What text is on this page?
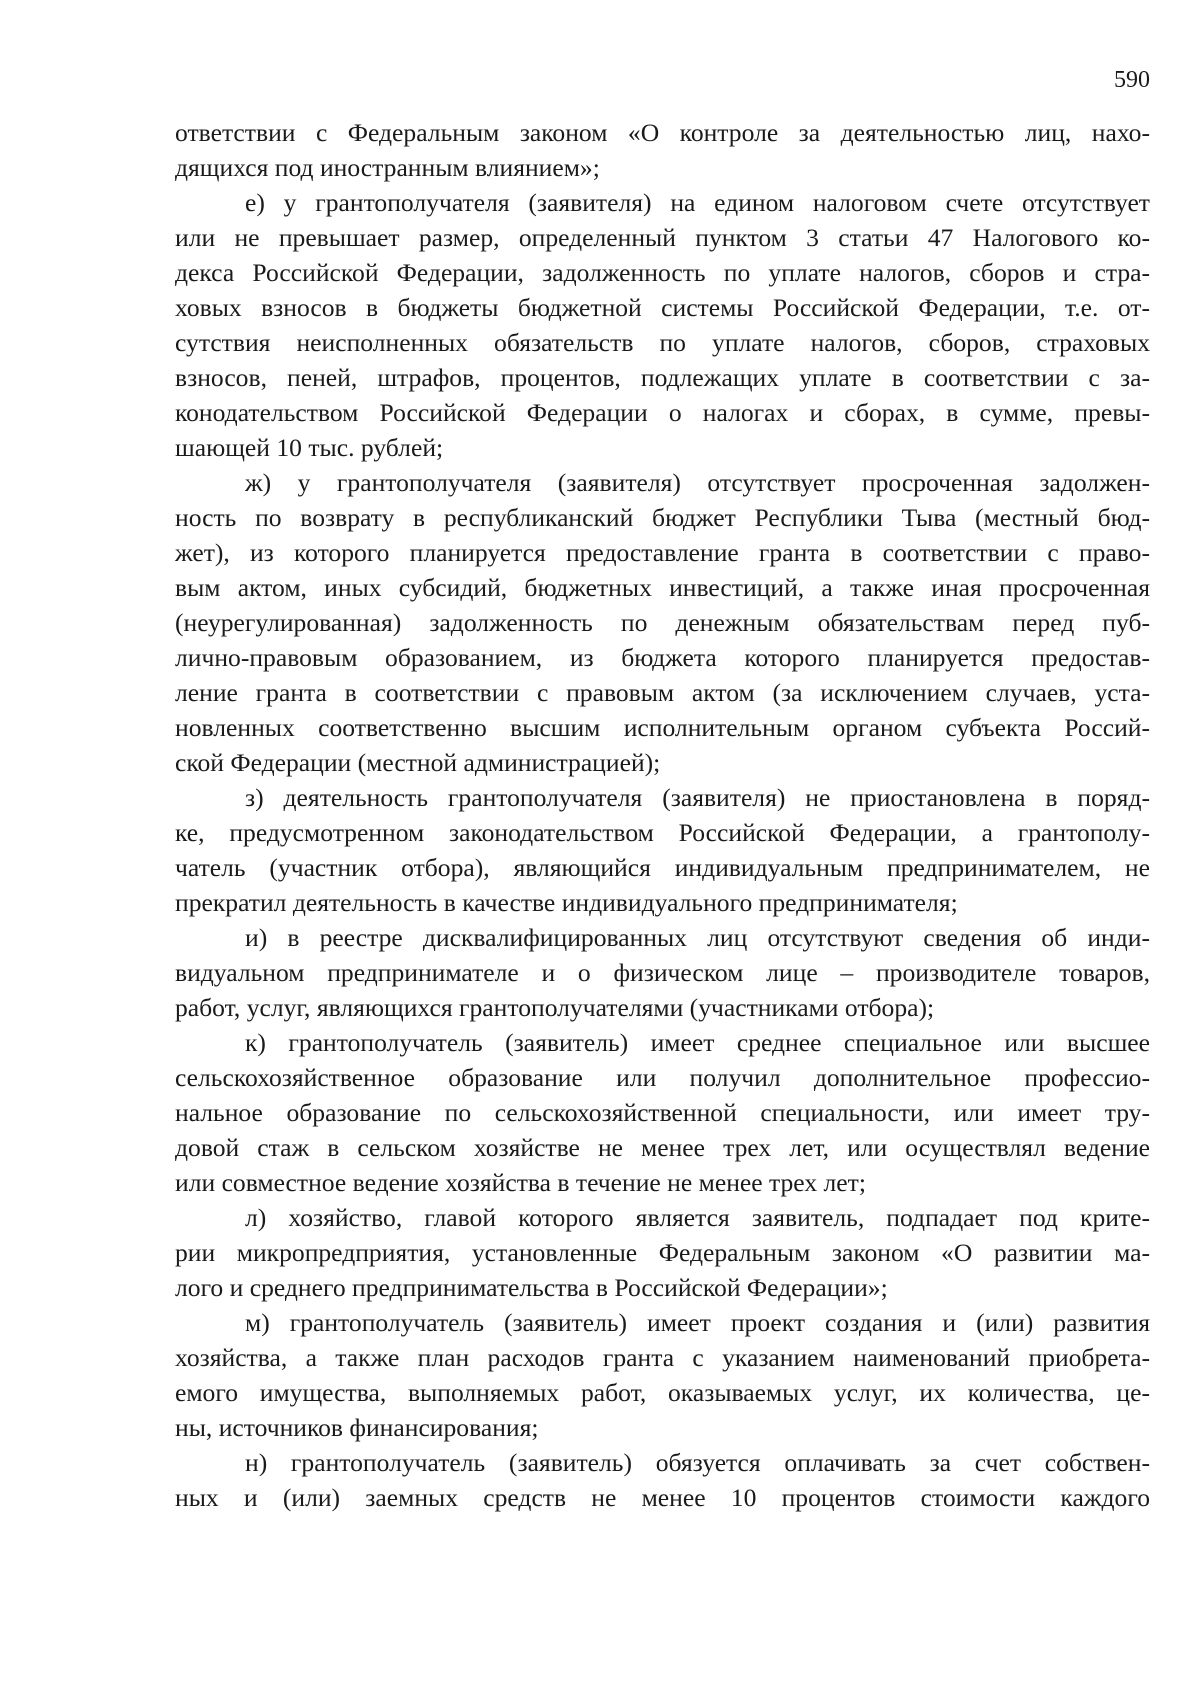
590
ответствии с Федеральным законом «О контроле за деятельностью лиц, нахо-
дящихся под иностранным влиянием»;
е) у грантополучателя (заявителя) на едином налоговом счете отсутствует
или не превышает размер, определенный пунктом 3 статьи 47 Налогового ко-
декса Российской Федерации, задолженность по уплате налогов, сборов и стра-
ховых взносов в бюджеты бюджетной системы Российской Федерации, т.е. от-
сутствия неисполненных обязательств по уплате налогов, сборов, страховых
взносов, пеней, штрафов, процентов, подлежащих уплате в соответствии с за-
конодательством Российской Федерации о налогах и сборах, в сумме, превы-
шающей 10 тыс. рублей;
ж) у грантополучателя (заявителя) отсутствует просроченная задолжен-
ность по возврату в республиканский бюджет Республики Тыва (местный бюд-
жет), из которого планируется предоставление гранта в соответствии с право-
вым актом, иных субсидий, бюджетных инвестиций, а также иная просроченная
(неурегулированная) задолженность по денежным обязательствам перед пуб-
лично-правовым образованием, из бюджета которого планируется предостав-
ление гранта в соответствии с правовым актом (за исключением случаев, уста-
новленных соответственно высшим исполнительным органом субъекта Россий-
ской Федерации (местной администрацией);
з) деятельность грантополучателя (заявителя) не приостановлена в поряд-
ке, предусмотренном законодательством Российской Федерации, а грантополу-
чатель (участник отбора), являющийся индивидуальным предпринимателем, не
прекратил деятельность в качестве индивидуального предпринимателя;
и) в реестре дисквалифицированных лиц отсутствуют сведения об инди-
видуальном предпринимателе и о физическом лице – производителе товаров,
работ, услуг, являющихся грантополучателями (участниками отбора);
к) грантополучатель (заявитель) имеет среднее специальное или высшее
сельскохозяйственное образование или получил дополнительное профессио-
нальное образование по сельскохозяйственной специальности, или имеет тру-
довой стаж в сельском хозяйстве не менее трех лет, или осуществлял ведение
или совместное ведение хозяйства в течение не менее трех лет;
л) хозяйство, главой которого является заявитель, подпадает под крите-
рии микропредприятия, установленные Федеральным законом «О развитии ма-
лого и среднего предпринимательства в Российской Федерации»;
м) грантополучатель (заявитель) имеет проект создания и (или) развития
хозяйства, а также план расходов гранта с указанием наименований приобрета-
емого имущества, выполняемых работ, оказываемых услуг, их количества, це-
ны, источников финансирования;
н) грантополучатель (заявитель) обязуется оплачивать за счет собствен-
ных и (или) заемных средств не менее 10 процентов стоимости каждого
